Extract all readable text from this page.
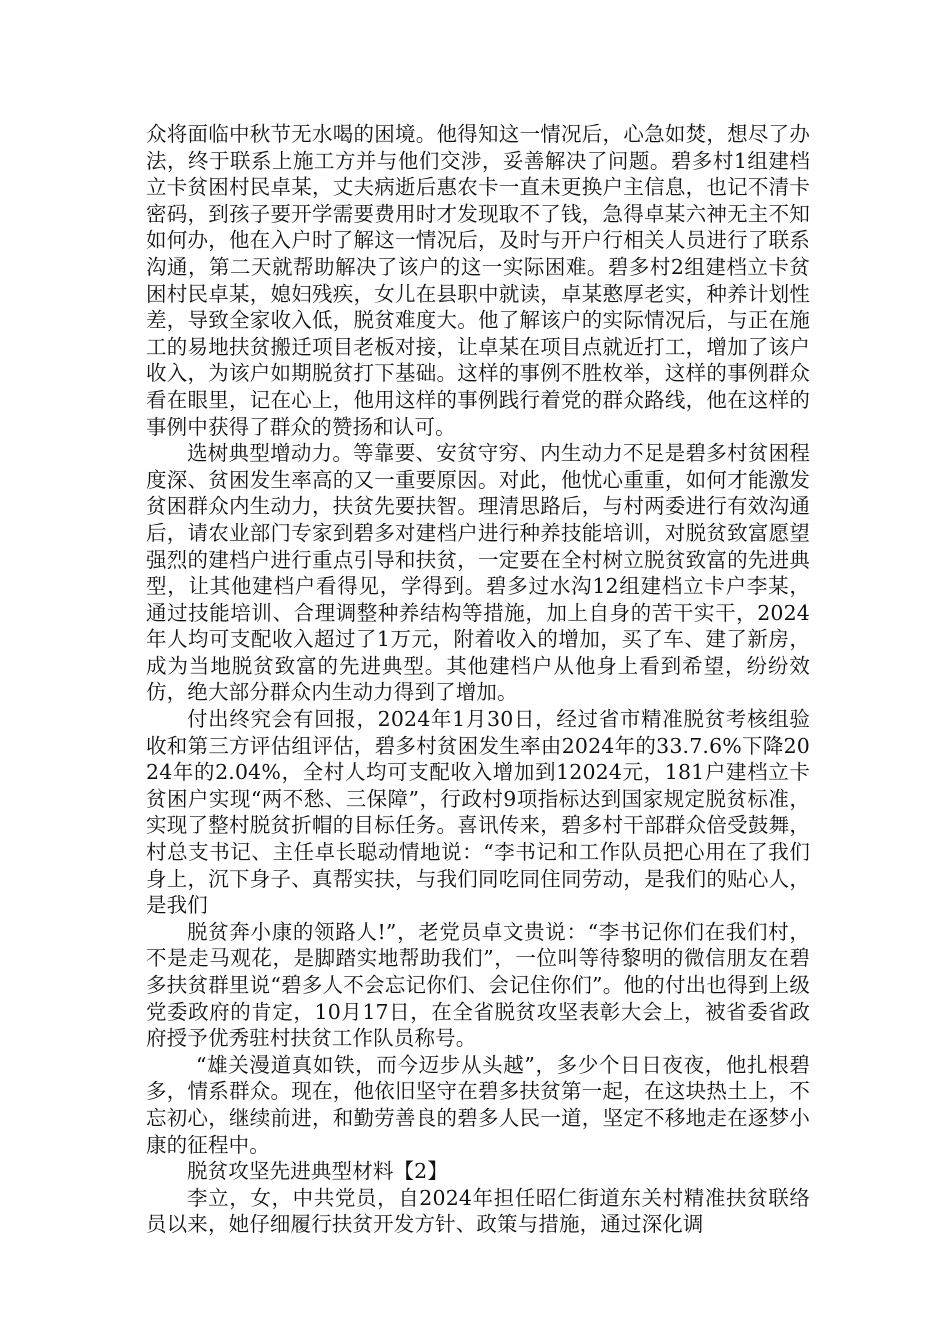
众将面临中秋节无水喝的困境。他得知这一情况后，心急如焚，想尽了办法，终于联系上施工方并与他们交涉，妥善解决了问题。碧多村1组建档立卡贫困村民卓某，丈夫病逝后惠农卡一直未更换户主信息，也记不清卡密码，到孩子要开学需要费用时才发现取不了钱，急得卓某六神无主不知如何办，他在入户时了解这一情况后，及时与开户行相关人员进行了联系沟通，第二天就帮助解决了该户的这一实际困难。碧多村2组建档立卡贫困村民卓某，媳妇残疾，女儿在县职中就读，卓某憨厚老实，种养计划性差，导致全家收入低，脱贫难度大。他了解该户的实际情况后，与正在施工的易地扶贫搬迁项目老板对接，让卓某在项目点就近打工，增加了该户收入，为该户如期脱贫打下基础。这样的事例不胜枚举，这样的事例群众看在眼里，记在心上，他用这样的事例践行着党的群众路线，他在这样的事例中获得了群众的赞扬和认可。

选树典型增动力。等靠要、安贫守穷、内生动力不足是碧多村贫困程度深、贫困发生率高的又一重要原因。对此，他忧心重重，如何才能激发贫困群众内生动力，扶贫先要扶智。理清思路后，与村两委进行有效沟通后，请农业部门专家到碧多对建档户进行种养技能培训，对脱贫致富愿望强烈的建档户进行重点引导和扶贫，一定要在全村树立脱贫致富的先进典型，让其他建档户看得见，学得到。碧多过水沟12组建档立卡户李某，通过技能培训、合理调整种养结构等措施，加上自身的苦干实干，2024年人均可支配收入超过了1万元，附着收入的增加，买了车、建了新房，成为当地脱贫致富的先进典型。其他建档户从他身上看到希望，纷纷效仿，绝大部分群众内生动力得到了增加。

付出终究会有回报，2024年1月30日，经过省市精准脱贫考核组验收和第三方评估组评估，碧多村贫困发生率由2024年的33.7.6%下降2024年的2.04%，全村人均可支配收入增加到12024元，181户建档立卡贫困户实现“两不愁、三保障”，行政村9项指标达到国家规定脱贫标准，实现了整村脱贫折帽的目标任务。喜讯传来，碧多村干部群众倍受鼓舞，村总支书记、主任卓长聪动情地说：“李书记和工作队员把心用在了我们身上，沉下身子、真帮实扶，与我们同吃同住同劳动，是我们的贴心人，是我们

脱贫奔小康的领路人!”，老党员卓文贵说：“李书记你们在我们村，不是走马观花，是脚踏实地帮助我们”，一位叫等待黎明的微信朋友在碧多扶贫群里说“碧多人不会忘记你们、会记住你们”。他的付出也得到上级党委政府的肯定，10月17日，在全省脱贫攻坚表彰大会上，被省委省政府授予优秀驻村扶贫工作队员称号。

“雄关漫道真如铁，而今迈步从头越”，多少个日日夜夜，他扎根碧多，情系群众。现在，他依旧坚守在碧多扶贫第一起，在这块热土上，不忘初心，继续前进，和勤劳善良的碧多人民一道，坚定不移地走在逐梦小康的征程中。

脱贫攻坚先进典型材料【2】

李立，女，中共党员，自2024年担任昭仁街道东关村精准扶贫联络员以来，她仔细履行扶贫开发方针、政策与措施，通过深化调
